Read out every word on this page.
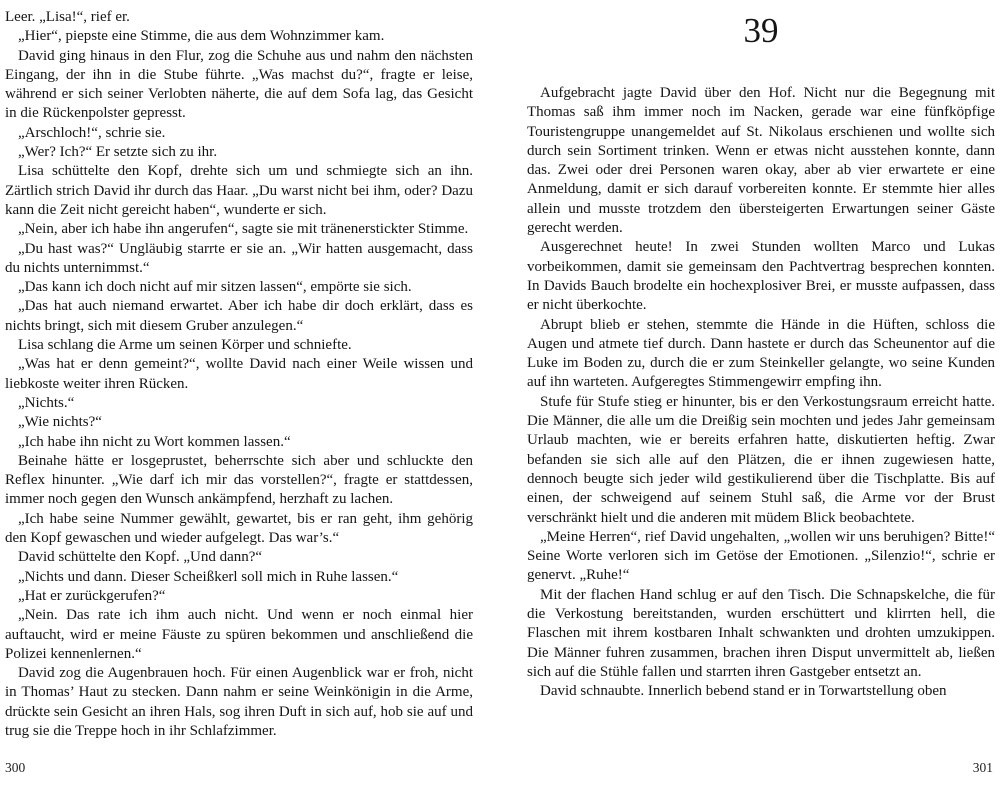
Leer. „Lisa!“, rief er.

„Hier“, piepste eine Stimme, die aus dem Wohnzimmer kam.

David ging hinaus in den Flur, zog die Schuhe aus und nahm den nächsten Eingang, der ihn in die Stube führte. „Was machst du?“, fragte er leise, während er sich seiner Verlobten näherte, die auf dem Sofa lag, das Gesicht in die Rückenpolster gepresst.

„Arschloch!“, schrie sie.

„Wer? Ich?“ Er setzte sich zu ihr.

Lisa schüttelte den Kopf, drehte sich um und schmiegte sich an ihn. Zärtlich strich David ihr durch das Haar. „Du warst nicht bei ihm, oder? Dazu kann die Zeit nicht gereicht haben“, wunderte er sich.

„Nein, aber ich habe ihn angerufen“, sagte sie mit tränenerstickter Stimme.

„Du hast was?“ Ungläubig starrte er sie an. „Wir hatten ausgemacht, dass du nichts unternimmst.“

„Das kann ich doch nicht auf mir sitzen lassen“, empörte sie sich.

„Das hat auch niemand erwartet. Aber ich habe dir doch erklärt, dass es nichts bringt, sich mit diesem Gruber anzulegen.“

Lisa schlang die Arme um seinen Körper und schniefte.

„Was hat er denn gemeint?“, wollte David nach einer Weile wissen und liebkoste weiter ihren Rücken.

„Nichts.“

„Wie nichts?“

„Ich habe ihn nicht zu Wort kommen lassen.“

Beinahe hätte er losgeprustet, beherrschte sich aber und schluckte den Reflex hinunter. „Wie darf ich mir das vorstellen?“, fragte er stattdessen, immer noch gegen den Wunsch ankämpfend, herzhaft zu lachen.

„Ich habe seine Nummer gewählt, gewartet, bis er ran geht, ihm gehörig den Kopf gewaschen und wieder aufgelegt. Das war’s.“

David schüttelte den Kopf. „Und dann?“

„Nichts und dann. Dieser Scheißkerl soll mich in Ruhe lassen.“

„Hat er zurückgerufen?“

„Nein. Das rate ich ihm auch nicht. Und wenn er noch einmal hier auftaucht, wird er meine Fäuste zu spüren bekommen und anschließend die Polizei kennenlernen.“

David zog die Augenbrauen hoch. Für einen Augenblick war er froh, nicht in Thomas’ Haut zu stecken. Dann nahm er seine Weinkönigin in die Arme, drückte sein Gesicht an ihren Hals, sog ihren Duft in sich auf, hob sie auf und trug sie die Treppe hoch in ihr Schlafzimmer.

39

Aufgebracht jagte David über den Hof. Nicht nur die Begegnung mit Thomas saß ihm immer noch im Nacken, gerade war eine fünfköpfige Touristengruppe unangemeldet auf St. Nikolaus erschienen und wollte sich durch sein Sortiment trinken. Wenn er etwas nicht ausstehen konnte, dann das. Zwei oder drei Personen waren okay, aber ab vier erwartete er eine Anmeldung, damit er sich darauf vorbereiten konnte. Er stemmte hier alles allein und musste trotzdem den übersteigerten Erwartungen seiner Gäste gerecht werden.

Ausgerechnet heute! In zwei Stunden wollten Marco und Lukas vorbeikommen, damit sie gemeinsam den Pachtvertrag besprechen konnten. In Davids Bauch brodelte ein hochexplosiver Brei, er musste aufpassen, dass er nicht überkochte.

Abrupt blieb er stehen, stemmte die Hände in die Hüften, schloss die Augen und atmete tief durch. Dann hastete er durch das Scheunentor auf die Luke im Boden zu, durch die er zum Steinkeller gelangte, wo seine Kunden auf ihn warteten. Aufgeregtes Stimmengewirr empfing ihn.

Stufe für Stufe stieg er hinunter, bis er den Verkostungsraum erreicht hatte. Die Männer, die alle um die Dreißig sein mochten und jedes Jahr gemeinsam Urlaub machten, wie er bereits erfahren hatte, diskutierten heftig. Zwar befanden sie sich alle auf den Plätzen, die er ihnen zugewiesen hatte, dennoch beugte sich jeder wild gestikulierend über die Tischplatte. Bis auf einen, der schweigend auf seinem Stuhl saß, die Arme vor der Brust verschränkt hielt und die anderen mit müdem Blick beobachtete.

„Meine Herren“, rief David ungehalten, „wollen wir uns beruhigen? Bitte!“ Seine Worte verloren sich im Getöse der Emotionen. „Silenzio!“, schrie er genervt. „Ruhe!“

Mit der flachen Hand schlug er auf den Tisch. Die Schnapskelche, die für die Verkostung bereitstanden, wurden erschüttert und klirrten hell, die Flaschen mit ihrem kostbaren Inhalt schwankten und drohten umzukippen. Die Männer fuhren zusammen, brachen ihren Disput unvermittelt ab, ließen sich auf die Stühle fallen und starrten ihren Gastgeber entsetzt an.

David schnaubte. Innerlich bebend stand er in Torwartstellung oben

300	301
